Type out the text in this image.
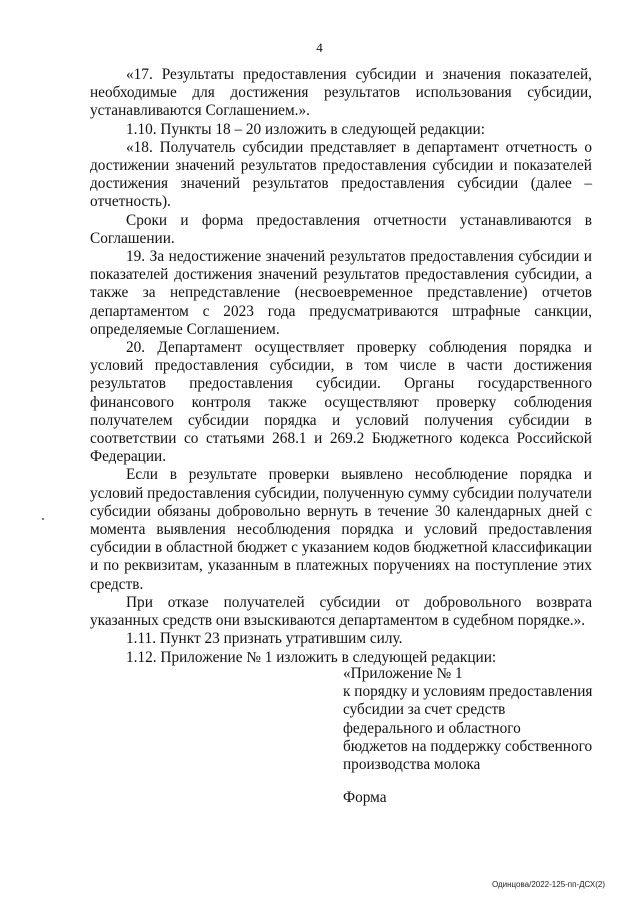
4

«17. Результаты предоставления субсидии и значения показателей, необходимые для достижения результатов использования субсидии, устанавливаются Соглашением.».

1.10. Пункты 18 – 20 изложить в следующей редакции:

«18. Получатель субсидии представляет в департамент отчетность о достижении значений результатов предоставления субсидии и показателей достижения значений результатов предоставления субсидии (далее – отчетность).

Сроки и форма предоставления отчетности устанавливаются в Соглашении.

19. За недостижение значений результатов предоставления субсидии и показателей достижения значений результатов предоставления субсидии, а также за непредставление (несвоевременное представление) отчетов департаментом с 2023 года предусматриваются штрафные санкции, определяемые Соглашением.

20. Департамент осуществляет проверку соблюдения порядка и условий предоставления субсидии, в том числе в части достижения результатов предоставления субсидии. Органы государственного финансового контроля также осуществляют проверку соблюдения получателем субсидии порядка и условий получения субсидии в соответствии со статьями 268.1 и 269.2 Бюджетного кодекса Российской Федерации.

Если в результате проверки выявлено несоблюдение порядка и условий предоставления субсидии, полученную сумму субсидии получатели субсидии обязаны добровольно вернуть в течение 30 календарных дней с момента выявления несоблюдения порядка и условий предоставления субсидии в областной бюджет с указанием кодов бюджетной классификации и по реквизитам, указанным в платежных поручениях на поступление этих средств.

При отказе получателей субсидии от добровольного возврата указанных средств они взыскиваются департаментом в судебном порядке.».

1.11. Пункт 23 признать утратившим силу.

1.12. Приложение № 1 изложить в следующей редакции:

«Приложение № 1

к порядку и условиям предоставления

субсидии за счет средств

федерального и областного

бюджетов на поддержку собственного

производства молока

Форма
Одинцова/2022-125-пп-ДСХ(2)
